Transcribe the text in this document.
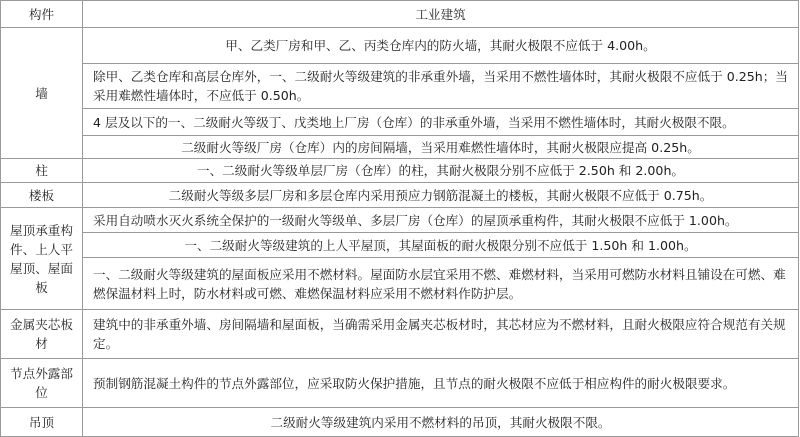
构件	工业建筑
墙	甲、乙类厂房和甲、乙、丙类仓库内的防火墙，其耐火极限不应低于 4.00h。
	除甲、乙类仓库和高层仓库外，一、二级耐火等级建筑的非承重外墙，当采用不燃性墙体时，其耐火极限不应低于 0.25h；当采用难燃性墙体时，不应低于 0.50h。
	4 层及以下的一、二级耐火等级丁、戊类地上厂房（仓库）的非承重外墙，当采用不燃性墙体时，其耐火极限不限。
	二级耐火等级厂房（仓库）内的房间隔墙，当采用难燃性墙体时，其耐火极限应提高 0.25h。
柱	一、二级耐火等级单层厂房（仓库）的柱，其耐火极限分别不应低于 2.50h 和 2.00h。
楼板	二级耐火等级多层厂房和多层仓库内采用预应力钢筋混凝土的楼板，其耐火极限不应低于 0.75h。
屋顶承重构件、上人平屋顶、屋面板	采用自动喷水灭火系统全保护的一级耐火等级单、多层厂房（仓库）的屋顶承重构件，其耐火极限不应低于 1.00h。
	一、二级耐火等级建筑的上人平屋顶，其屋面板的耐火极限分别不应低于 1.50h 和 1.00h。
	一、二级耐火等级建筑的屋面板应采用不燃材料。屋面防水层宜采用不燃、难燃材料，当采用可燃防水材料且铺设在可燃、难燃保温材料上时，防水材料或可燃、难燃保温材料应采用不燃材料作防护层。
金属夹芯板材	建筑中的非承重外墙、房间隔墙和屋面板，当确需采用金属夹芯板材时，其芯材应为不燃材料，且耐火极限应符合规范有关规定。
节点外露部位	预制钢筋混凝土构件的节点外露部位，应采取防火保护措施，且节点的耐火极限不应低于相应构件的耐火极限要求。
吊顶	二级耐火等级建筑内采用不燃材料的吊顶，其耐火极限不限。
